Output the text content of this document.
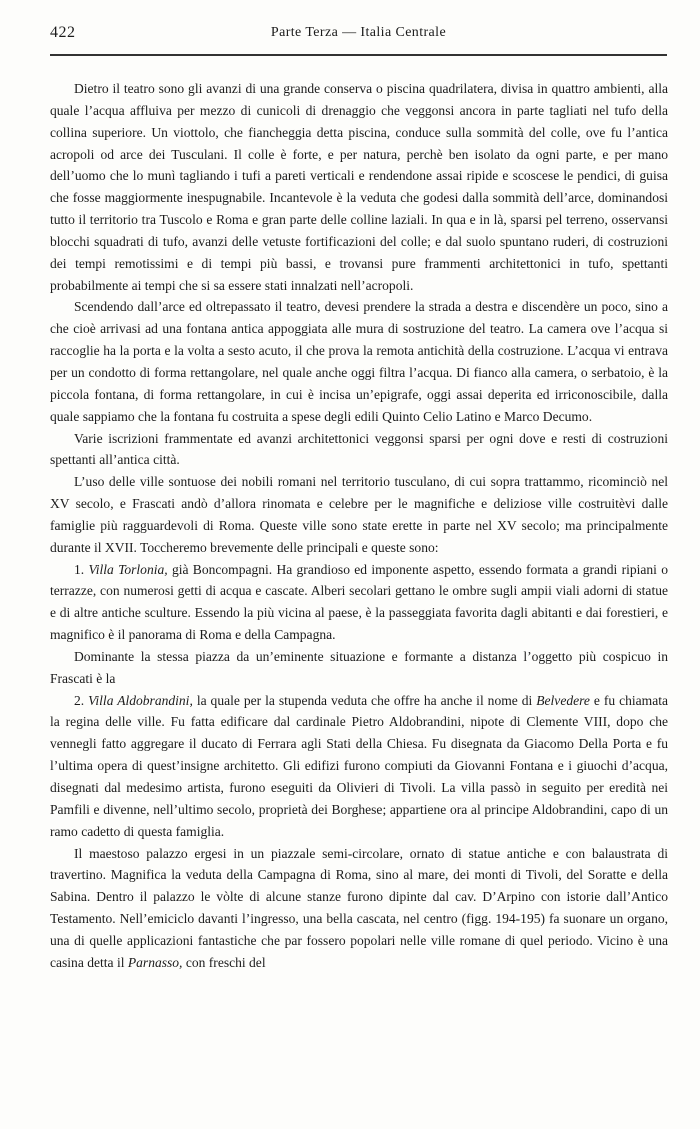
422	Parte Terza — Italia Centrale

Dietro il teatro sono gli avanzi di una grande conserva o piscina quadrilatera, divisa in quattro ambienti, alla quale l’acqua affluiva per mezzo di cunicoli di drenaggio che veggonsi ancora in parte tagliati nel tufo della collina superiore. Un viottolo, che fiancheggia detta piscina, conduce sulla sommità del colle, ove fu l’antica acropoli od arce dei Tusculani. Il colle è forte, e per natura, perchè ben isolato da ogni parte, e per mano dell’uomo che lo munì tagliando i tufi a pareti verticali e rendendone assai ripide e scoscese le pendici, di guisa che fosse maggiormente inespugnabile. Incantevole è la veduta che godesi dalla sommità dell’arce, dominandosi tutto il territorio tra Tuscolo e Roma e gran parte delle colline laziali. In qua e in là, sparsi pel terreno, osservansi blocchi squadrati di tufo, avanzi delle vetuste fortificazioni del colle; e dal suolo spuntano ruderi, di costruzioni dei tempi remotissimi e di tempi più bassi, e trovansi pure frammenti architettonici in tufo, spettanti probabilmente ai tempi che si sa essere stati innalzati nell’acropoli.

Scendendo dall’arce ed oltrepassato il teatro, devesi prendere la strada a destra e discendère un poco, sino a che cioè arrivasi ad una fontana antica appoggiata alle mura di sostruzione del teatro. La camera ove l’acqua si raccoglie ha la porta e la volta a sesto acuto, il che prova la remota antichità della costruzione. L’acqua vi entrava per un condotto di forma rettangolare, nel quale anche oggi filtra l’acqua. Di fianco alla camera, o serbatoio, è la piccola fontana, di forma rettangolare, in cui è incisa un’epigrafe, oggi assai deperita ed irriconoscibile, dalla quale sappiamo che la fontana fu costruita a spese degli edili Quinto Celio Latino e Marco Decumo.

Varie iscrizioni frammentate ed avanzi architettonici veggonsi sparsi per ogni dove e resti di costruzioni spettanti all’antica città.

L’uso delle ville sontuose dei nobili romani nel territorio tusculano, di cui sopra trattammo, ricominciò nel XV secolo, e Frascati andò d’allora rinomata e celebre per le magnifiche e deliziose ville costruitèvi dalle famiglie più ragguardevoli di Roma. Queste ville sono state erette in parte nel XV secolo; ma principalmente durante il XVII. Toccheremo brevemente delle principali e queste sono:

1. Villa Torlonia, già Boncompagni. Ha grandioso ed imponente aspetto, essendo formata a grandi ripiani o terrazze, con numerosi getti di acqua e cascate. Alberi secolari gettano le ombre sugli ampii viali adorni di statue e di altre antiche sculture. Essendo la più vicina al paese, è la passeggiata favorita dagli abitanti e dai forestieri, e magnifico è il panorama di Roma e della Campagna.

Dominante la stessa piazza da un’eminente situazione e formante a distanza l’oggetto più cospicuo in Frascati è la

2. Villa Aldobrandini, la quale per la stupenda veduta che offre ha anche il nome di Belvedere e fu chiamata la regina delle ville. Fu fatta edificare dal cardinale Pietro Aldobrandini, nipote di Clemente VIII, dopo che vennegli fatto aggregare il ducato di Ferrara agli Stati della Chiesa. Fu disegnata da Giacomo Della Porta e fu l’ultima opera di quest’insigne architetto. Gli edifizi furono compiuti da Giovanni Fontana e i giuochi d’acqua, disegnati dal medesimo artista, furono eseguiti da Olivieri di Tivoli. La villa passò in seguito per eredità nei Pamfili e divenne, nell’ultimo secolo, proprietà dei Borghese; appartiene ora al principe Aldobrandini, capo di un ramo cadetto di questa famiglia.

Il maestoso palazzo ergesi in un piazzale semi-circolare, ornato di statue antiche e con balaustrata di travertino. Magnifica la veduta della Campagna di Roma, sino al mare, dei monti di Tivoli, del Soratte e della Sabina. Dentro il palazzo le vòlte di alcune stanze furono dipinte dal cav. D’Arpino con istorie dall’Antico Testamento. Nell’emiciclo davanti l’ingresso, una bella cascata, nel centro (figg. 194-195) fa suonare un organo, una di quelle applicazioni fantastiche che par fossero popolari nelle ville romane di quel periodo. Vicino è una casina detta il Parnasso, con freschi del
